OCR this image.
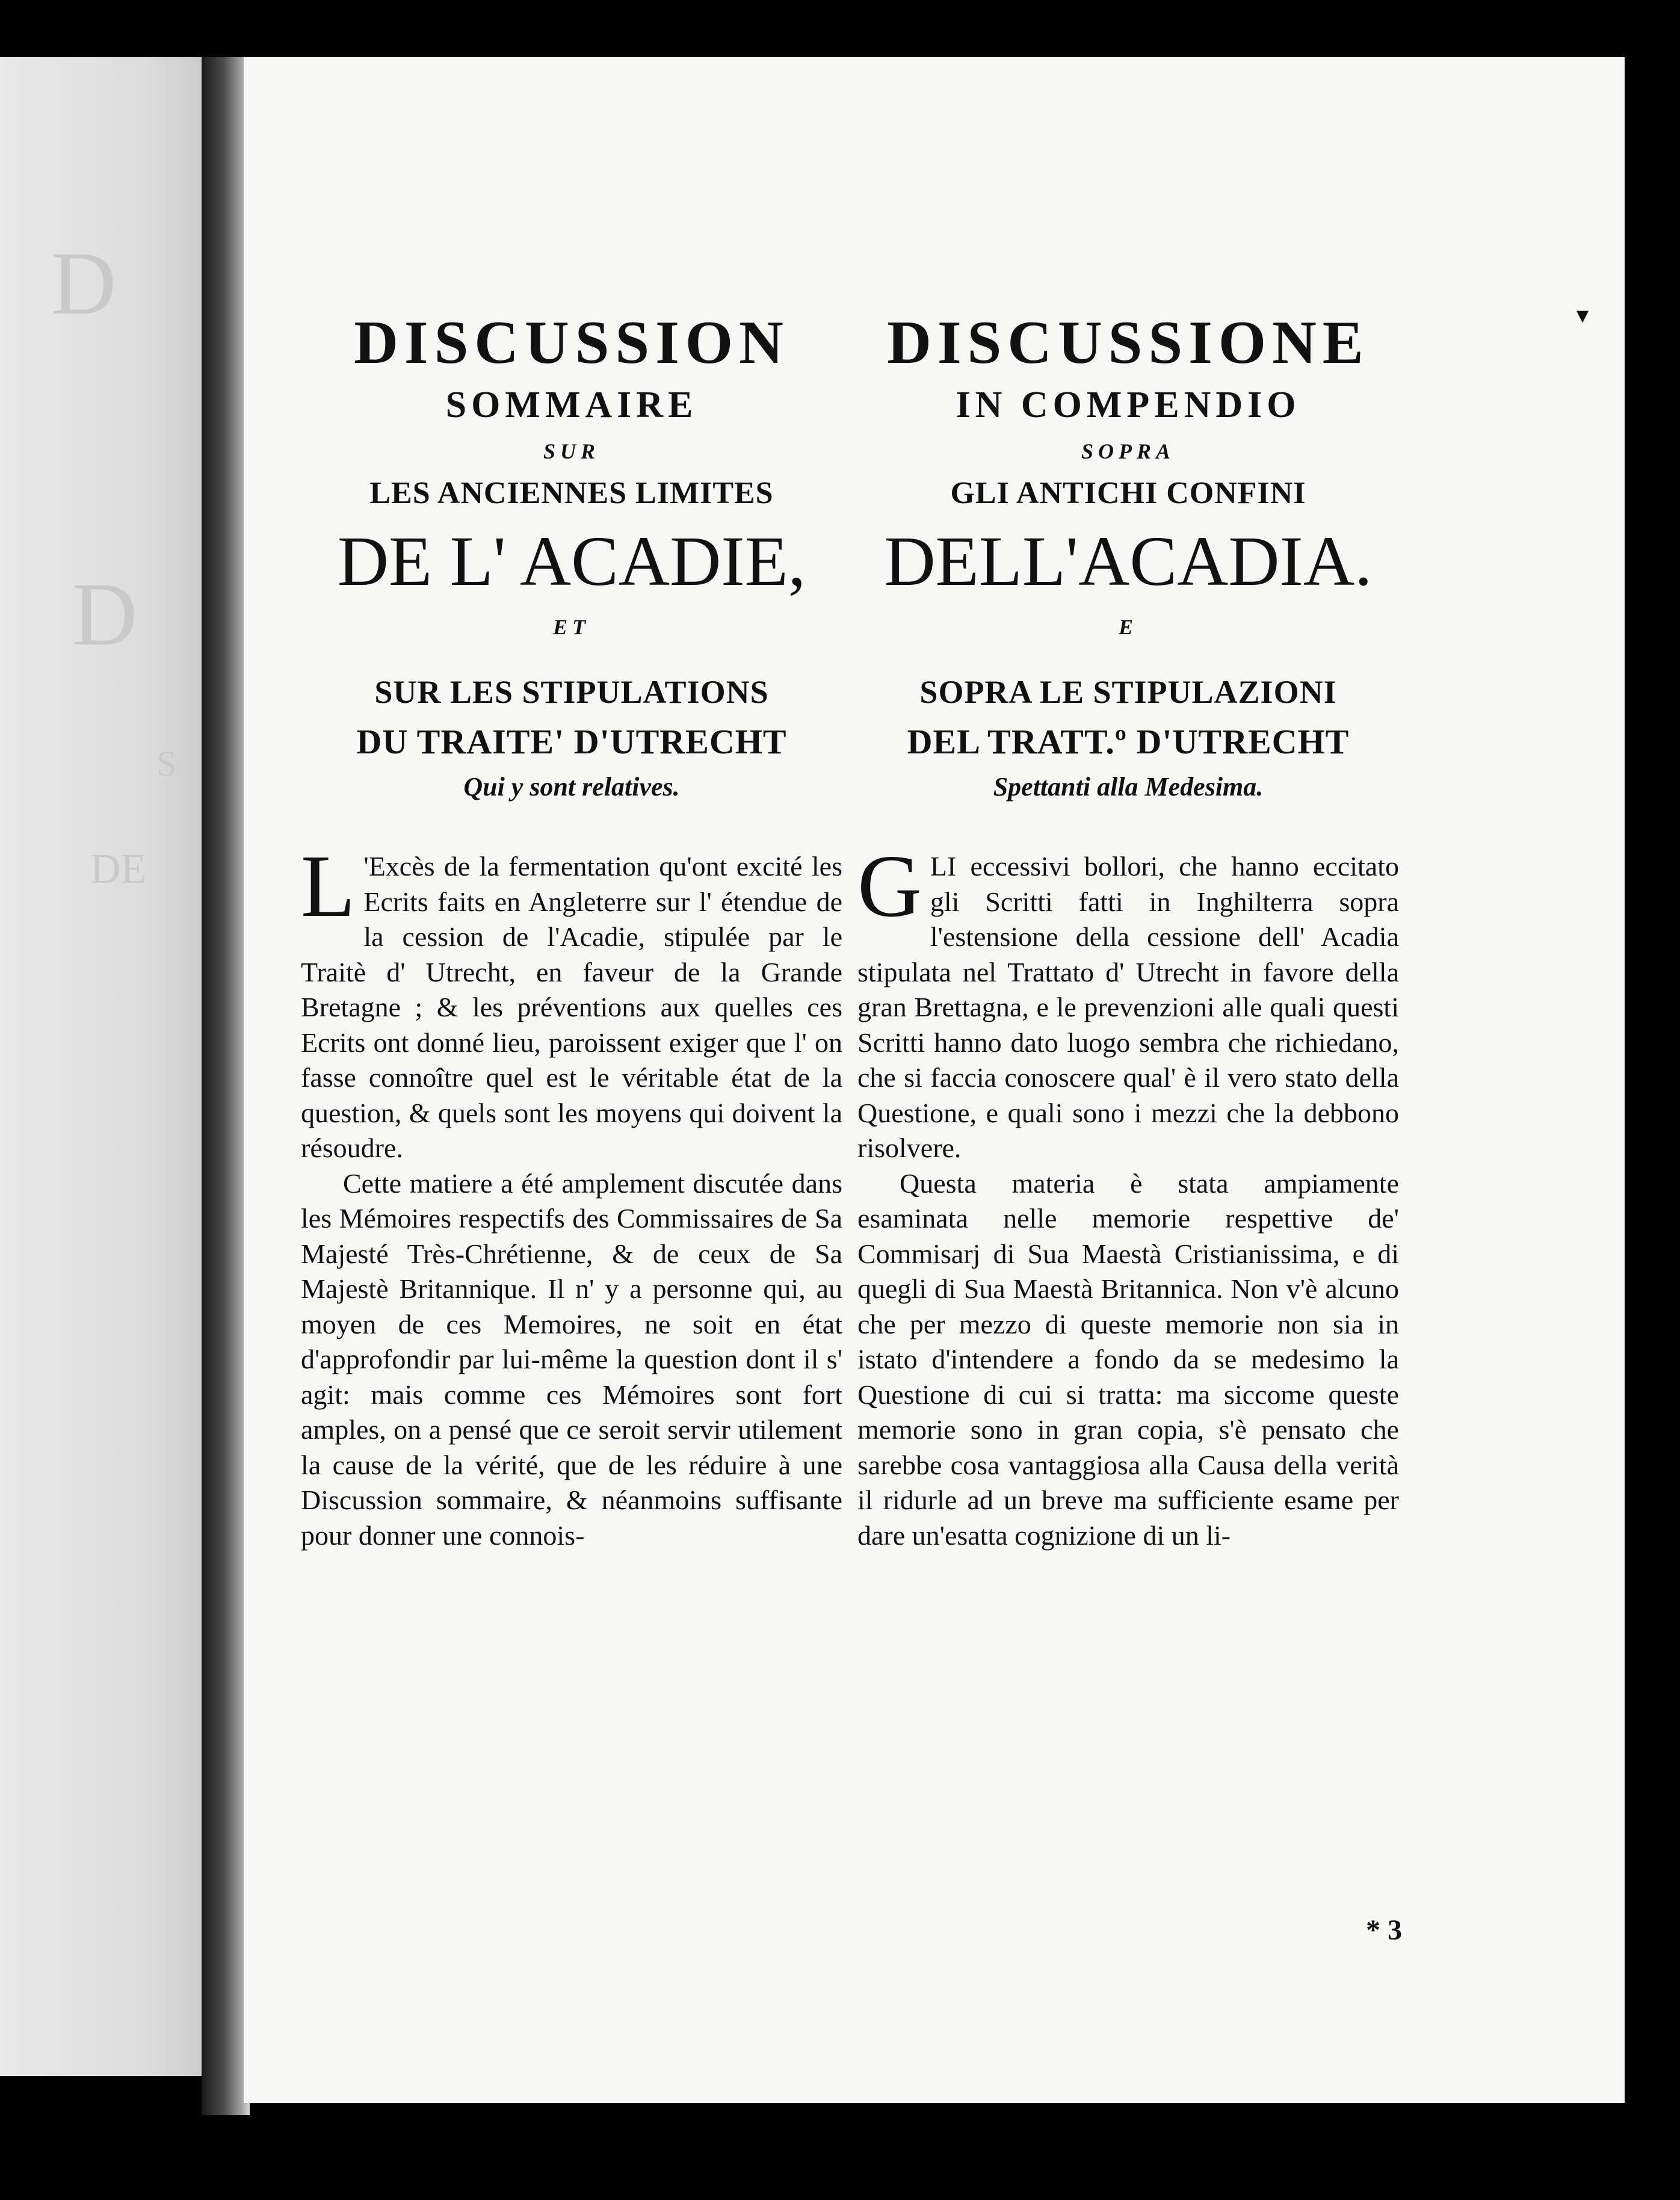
D
D
S
DE
▾
DISCUSSION
SOMMAIRE
SUR
LES ANCIENNES LIMITES
DE L' ACADIE,
ET
SUR LES STIPULATIONS
DU TRAITE' D'UTRECHT
Qui y sont relatives.

L 'Excès de la fermentation qu'ont excité les Ecrits faits en Angleterre sur l' étendue de la cession de l'Acadie, stipulée par le Traitè d' Utrecht, en faveur de la Grande Bretagne ; & les préventions aux quelles ces Ecrits ont donné lieu, paroissent exiger que l' on fasse connoître quel est le véritable état de la question, & quels sont les moyens qui doivent la résoudre.

Cette matiere a été amplement discutée dans les Mémoires respectifs des Commissaires de Sa Majesté Très-Chrétienne, & de ceux de Sa Majestè Britannique. Il n' y a personne qui, au moyen de ces Memoires, ne soit en état d'approfondir par lui-même la question dont il s' agit: mais comme ces Mémoires sont fort amples, on a pensé que ce seroit servir utilement la cause de la vérité, que de les réduire à une Discussion sommaire, & néanmoins suffisante pour donner une connois-

DISCUSSIONE
IN COMPENDIO
SOPRA
GLI ANTICHI CONFINI
DELL'ACADIA.
E
SOPRA LE STIPULAZIONI
DEL TRATT.º D'UTRECHT
Spettanti alla Medesima.

GLI eccessivi bollori, che hanno eccitato gli Scritti fatti in Inghilterra sopra l'estensione della cessione dell' Acadia stipulata nel Trattato d' Utrecht in favore della gran Brettagna, e le prevenzioni alle quali questi Scritti hanno dato luogo sembra che richiedano, che si faccia conoscere qual' è il vero stato della Questione, e quali sono i mezzi che la debbono risolvere.

Questa materia è stata ampiamente esaminata nelle memorie respettive de' Commisarj di Sua Maestà Cristianissima, e di quegli di Sua Maestà Britannica. Non v'è alcuno che per mezzo di queste memorie non sia in istato d'intendere a fondo da se medesimo la Questione di cui si tratta: ma siccome queste memorie sono in gran copia, s'è pensato che sarebbe cosa vantaggiosa alla Causa della verità il ridurle ad un breve ma sufficiente esame per dare un'esatta cognizione di un li-

* 3
